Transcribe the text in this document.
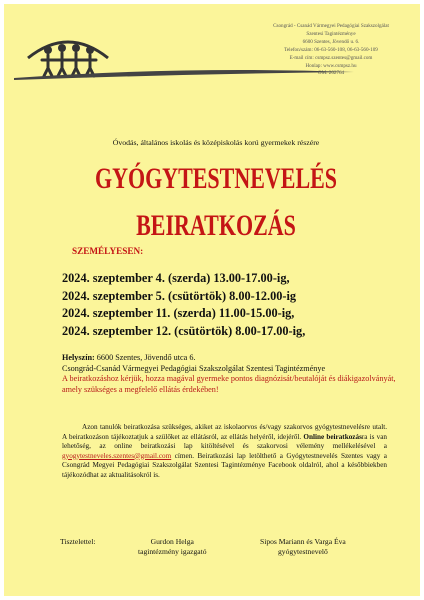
Csongrád - Csanád Vármegyei Pedagógiai Szakszolgálat
Szentesi Tagintézménye
6600 Szentes, Jövendő u. 6.
Telefon/szám: 06-63-560-108, 06-63-560-109
E-mail cím: csmpsz.szentes@gmail.com
Honlap: www.csmpsz.hu
OM: 202764
Óvodás, általános iskolás és középiskolás korú gyermekek részére
GYÓGYTESTNEVELÉS
BEIRATKOZÁS
SZEMÉLYESEN:
2024. szeptember 4. (szerda) 13.00-17.00-ig,
2024. szeptember 5. (csütörtök) 8.00-12.00-ig
2024. szeptember 11. (szerda) 11.00-15.00-ig,
2024. szeptember 12. (csütörtök) 8.00-17.00-ig,
Helyszín: 6600 Szentes, Jövendő utca 6.
Csongrád-Csanád Vármegyei Pedagógiai Szakszolgálat Szentesi Tagintézménye
A beiratkozáshoz kérjük, hozza magával gyermeke pontos diagnózisát/beutalóját és diákigazolványát, amely szükséges a megfelelő ellátás érdekében!

Azon tanulók beiratkozása szükséges, akiket az iskolaorvos és/vagy szakorvos gyógytestnevelésre utalt. A beiratkozáson tájékoztatjuk a szülőket az ellátásról, az ellátás helyéről, idejéről. Online beiratkozásra is van lehetőség, az online beiratkozási lap kitöltésével és szakorvosi vélemény mellékelésével a gyogytestneveles.szentes@gmail.com címen. Beiratkozási lap letölthető a Gyógytestnevelés Szentes vagy a Csongrád Megyei Pedagógiai Szakszolgálat Szentesi Tagintézménye Facebook oldalról, ahol a későbbiekben tájékozódhat az aktualitásokról is.

Tisztelettel:	Gurdon Helga
tagintézmény igazgató
Sipos Mariann és Varga Éva
gyógytestnevelő
